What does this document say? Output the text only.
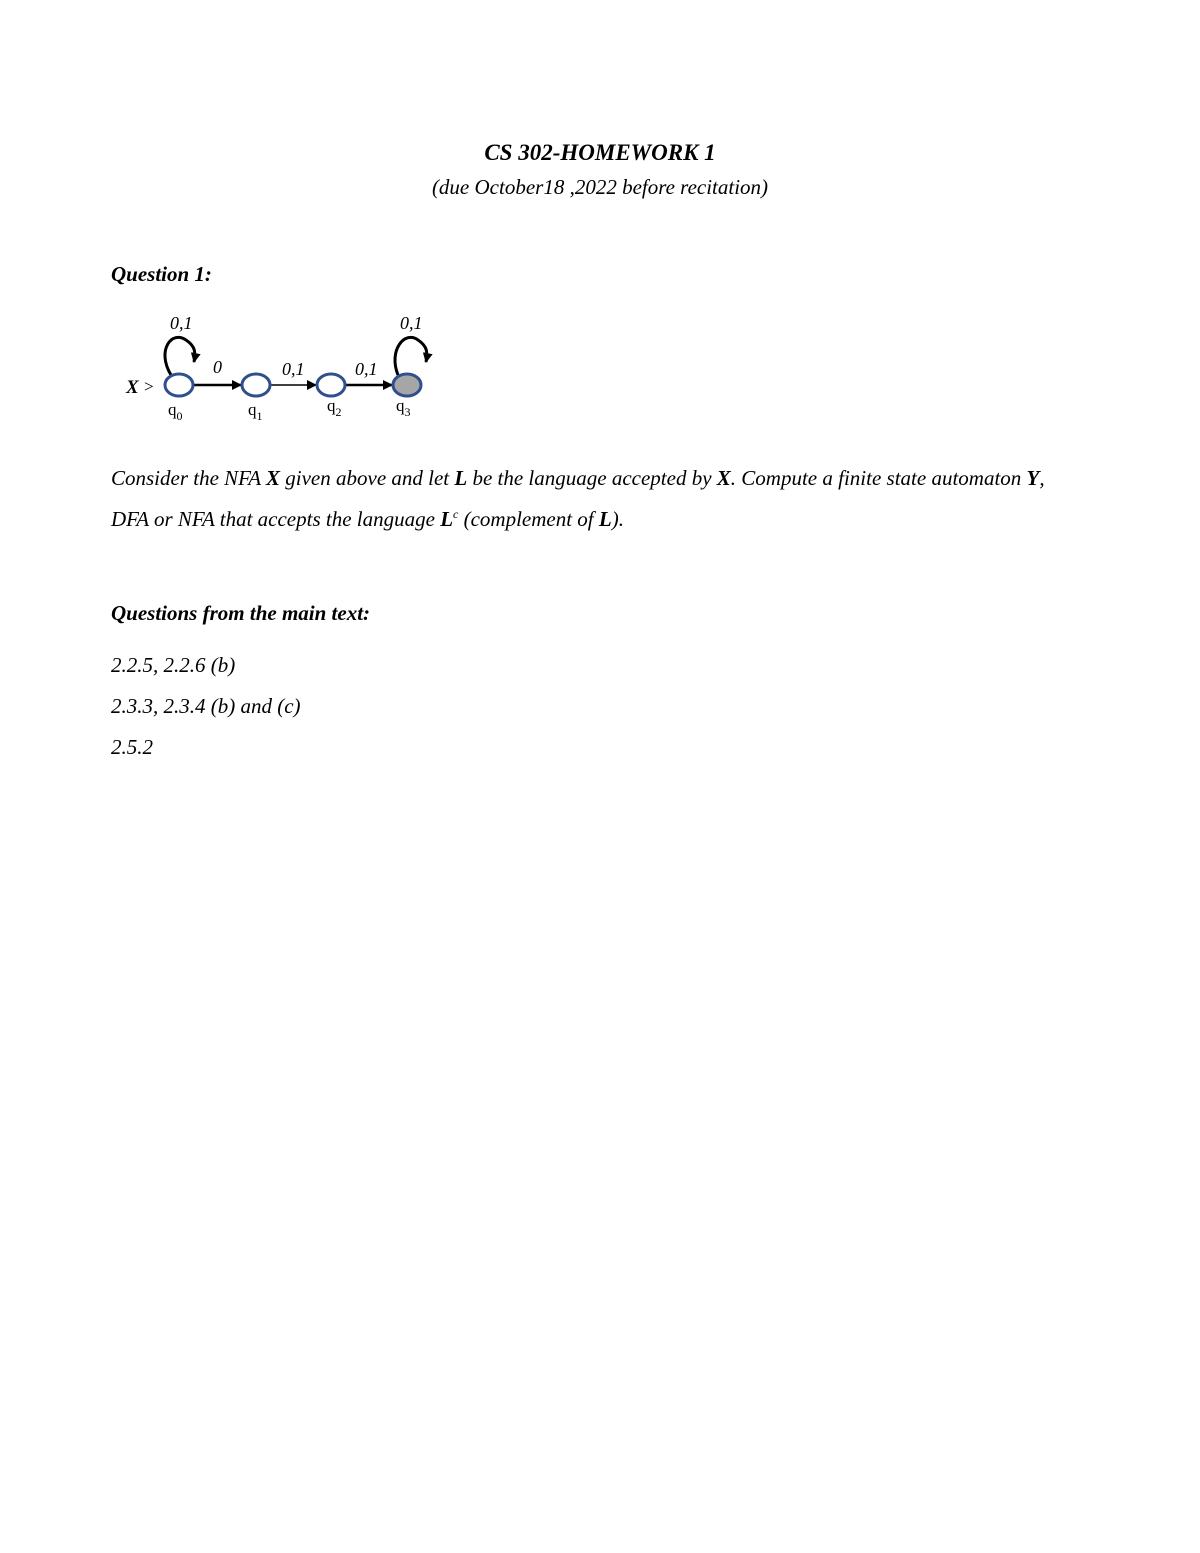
CS 302-HOMEWORK 1

(due October18 ,2022 before recitation)

Question 1:
X >
0,1
0	0,1	0,1
0,1
$q_0$	$q_1$
$q_2$	$q_3$

Consider the NFA X given above and let L be the language accepted by X. Compute a finite state automaton Y, DFA or NFA that accepts the language $L^c$ (complement of L).

Questions from the main text:

2.2.5, 2.2.6 (b)

2.3.3, 2.3.4 (b) and (c)

2.5.2
